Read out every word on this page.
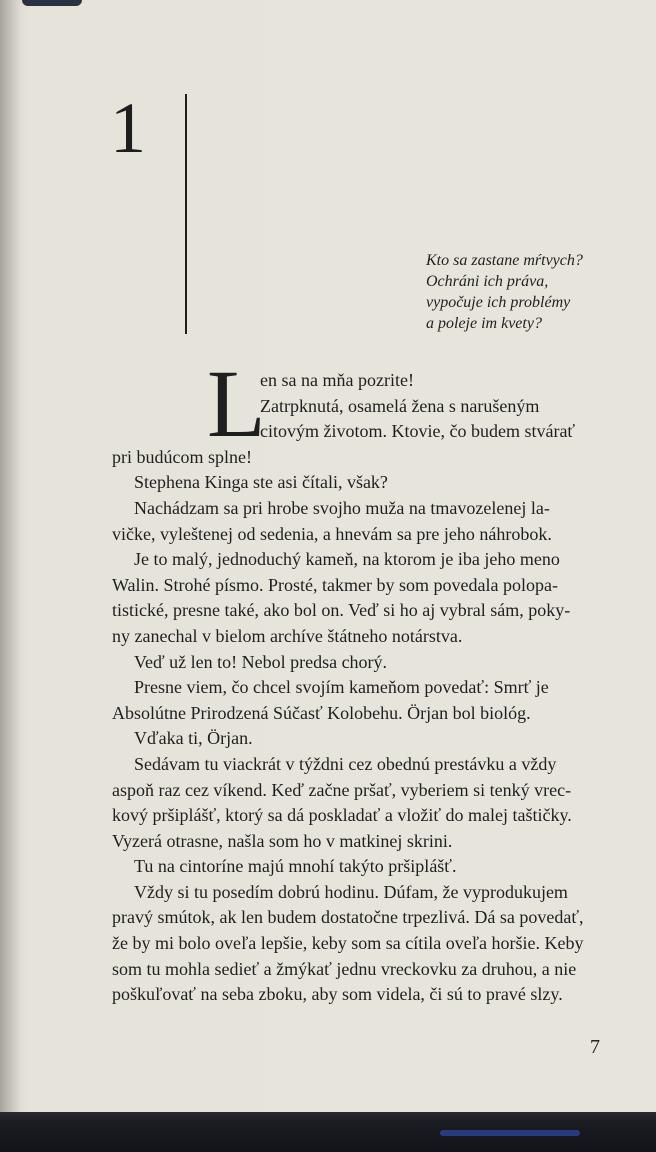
1
Kto sa zastane mŕtvych?
Ochráni ich práva,
vypočuje ich problémy
a poleje im kvety?
L
en sa na mňa pozrite!
Zatrpknutá, osamelá žena s narušeným
citovým životom. Ktovie, čo budem stvárať
pri budúcom splne!
Stephena Kinga ste asi čítali, však?
Nachádzam sa pri hrobe svojho muža na tmavozelenej la-
vičke, vyleštenej od sedenia, a hnevám sa pre jeho náhrobok.
Je to malý, jednoduchý kameň, na ktorom je iba jeho meno
Walin. Strohé písmo. Prosté, takmer by som povedala polopa-
tistické, presne také, ako bol on. Veď si ho aj vybral sám, poky-
ny zanechal v bielom archíve štátneho notárstva.
Veď už len to! Nebol predsa chorý.
Presne viem, čo chcel svojím kameňom povedať: Smrť je
Absolútne Prirodzená Súčasť Kolobehu. Örjan bol biológ.
Vďaka ti, Örjan.
Sedávam tu viackrát v týždni cez obednú prestávku a vždy
aspoň raz cez víkend. Keď začne pršať, vyberiem si tenký vrec-
kový pršiplášť, ktorý sa dá poskladať a vložiť do malej taštičky.
Vyzerá otrasne, našla som ho v matkinej skrini.
Tu na cintoríne majú mnohí takýto pršiplášť.
Vždy si tu posedím dobrú hodinu. Dúfam, že vyprodukujem
pravý smútok, ak len budem dostatočne trpezlivá. Dá sa povedať,
že by mi bolo oveľa lepšie, keby som sa cítila oveľa horšie. Keby
som tu mohla sedieť a žmýkať jednu vreckovku za druhou, a nie
poškuľovať na seba zboku, aby som videla, či sú to pravé slzy.
7
